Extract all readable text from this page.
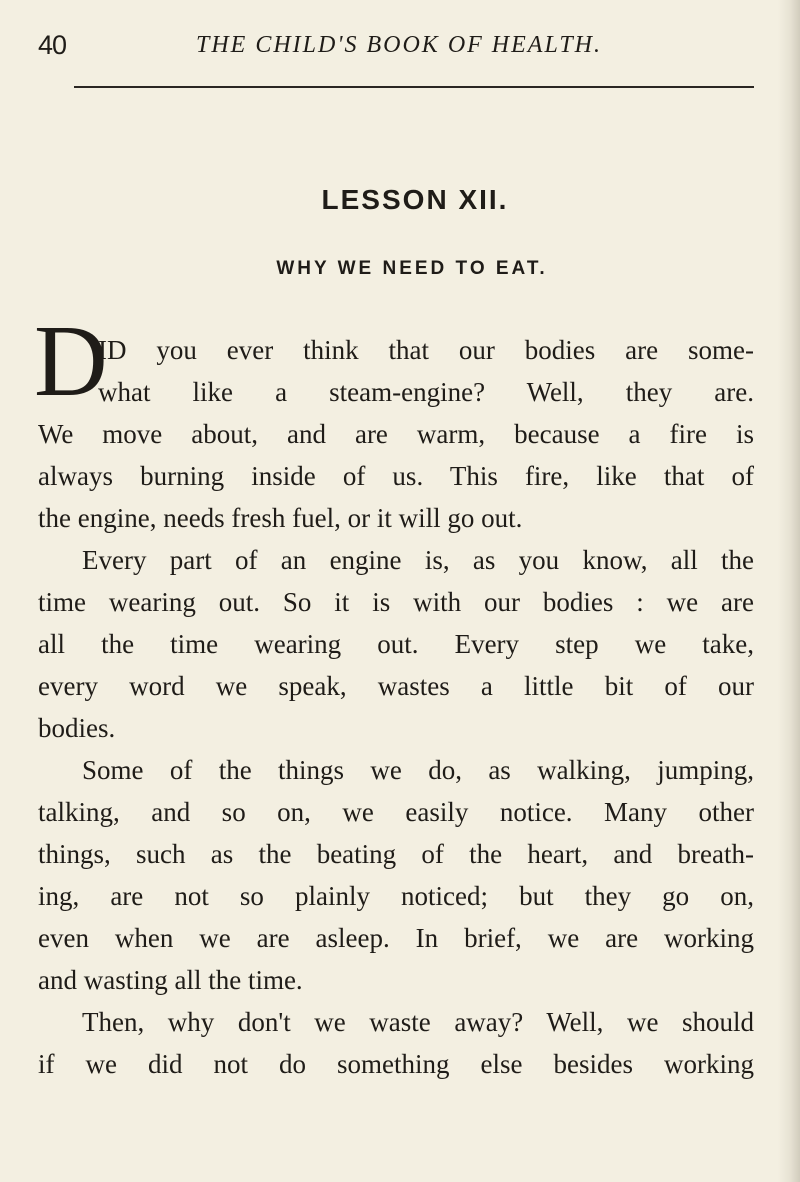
40	THE CHILD'S BOOK OF HEALTH.
LESSON XII.
WHY WE NEED TO EAT.
D
ID you ever think that our bodies are some-
what like a steam-engine? Well, they are.
We move about, and are warm, because a fire is
always burning inside of us. This fire, like that of
the engine, needs fresh fuel, or it will go out.
Every part of an engine is, as you know, all the
time wearing out. So it is with our bodies : we are
all the time wearing out. Every step we take,
every word we speak, wastes a little bit of our
bodies.
Some of the things we do, as walking, jumping,
talking, and so on, we easily notice. Many other
things, such as the beating of the heart, and breath-
ing, are not so plainly noticed; but they go on,
even when we are asleep. In brief, we are working
and wasting all the time.
Then, why don't we waste away? Well, we should
if we did not do something else besides working
